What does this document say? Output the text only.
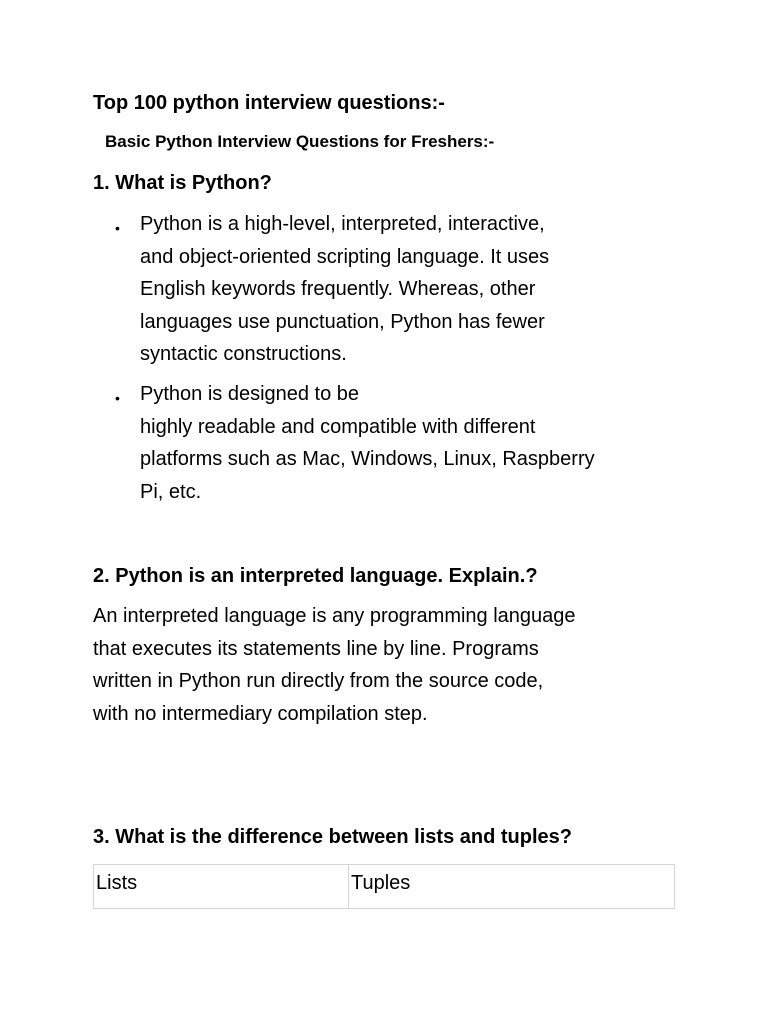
Top 100 python interview questions:-
Basic Python Interview Questions for Freshers:-
1. What is Python?
• Python is a high-level, interpreted, interactive,
and object-oriented scripting language. It uses
English keywords frequently. Whereas, other
languages use punctuation, Python has fewer
syntactic constructions.

• Python is designed to be
highly readable and compatible with different
platforms such as Mac, Windows, Linux, Raspberry
Pi, etc.

2. Python is an interpreted language. Explain.?

An interpreted language is any programming language
that executes its statements line by line. Programs
written in Python run directly from the source code,
with no intermediary compilation step.

3. What is the difference between lists and tuples?
Lists	Tuples
